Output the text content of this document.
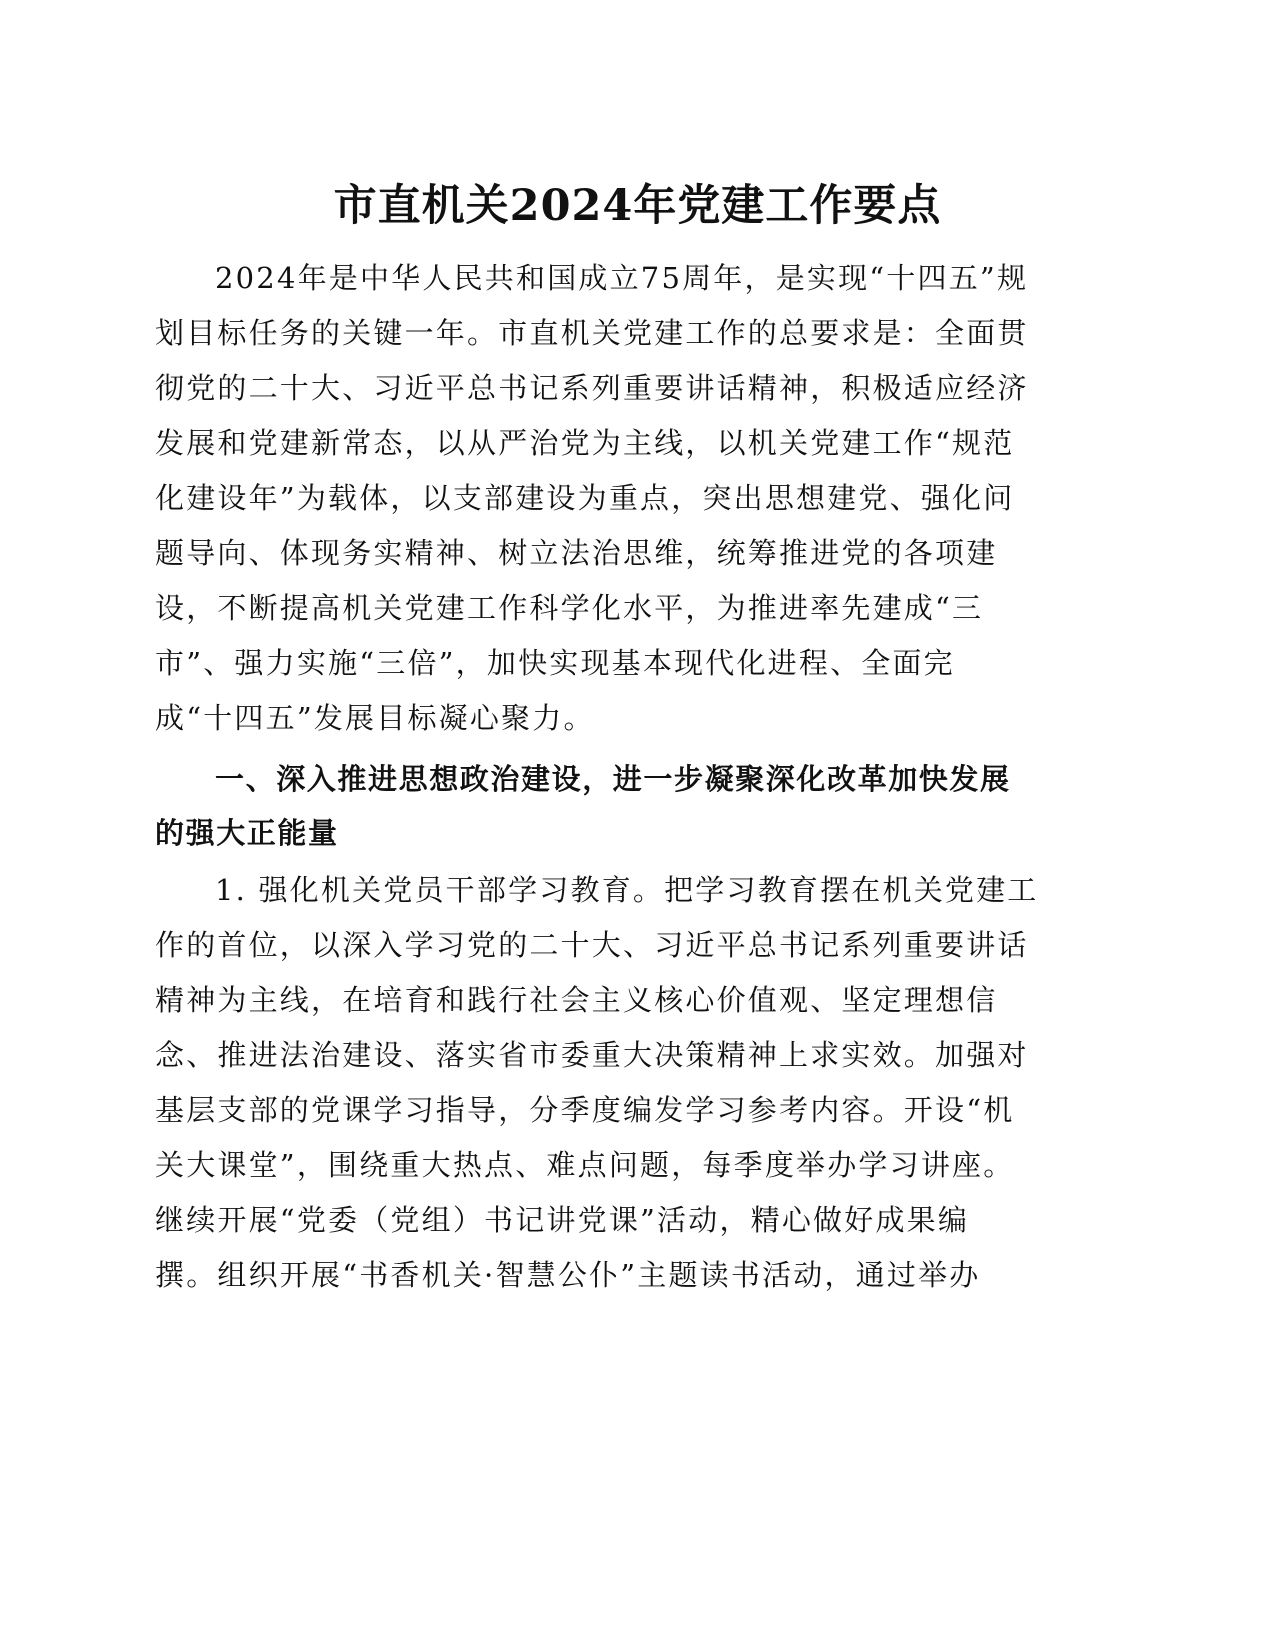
市直机关2024年党建工作要点
2024年是中华人民共和国成立75周年，是实现“十四五”规
划目标任务的关键一年。市直机关党建工作的总要求是：全面贯
彻党的二十大、习近平总书记系列重要讲话精神，积极适应经济
发展和党建新常态，以从严治党为主线，以机关党建工作“规范
化建设年”为载体，以支部建设为重点，突出思想建党、强化问
题导向、体现务实精神、树立法治思维，统筹推进党的各项建
设，不断提高机关党建工作科学化水平，为推进率先建成“三
市”、强力实施“三倍”，加快实现基本现代化进程、全面完
成“十四五”发展目标凝心聚力。
一、深入推进思想政治建设，进一步凝聚深化改革加快发展
的强大正能量
1. 强化机关党员干部学习教育。把学习教育摆在机关党建工
作的首位，以深入学习党的二十大、习近平总书记系列重要讲话
精神为主线，在培育和践行社会主义核心价值观、坚定理想信
念、推进法治建设、落实省市委重大决策精神上求实效。加强对
基层支部的党课学习指导，分季度编发学习参考内容。开设“机
关大课堂”，围绕重大热点、难点问题，每季度举办学习讲座。
继续开展“党委（党组）书记讲党课”活动，精心做好成果编
撰。组织开展“书香机关·智慧公仆”主题读书活动，通过举办
